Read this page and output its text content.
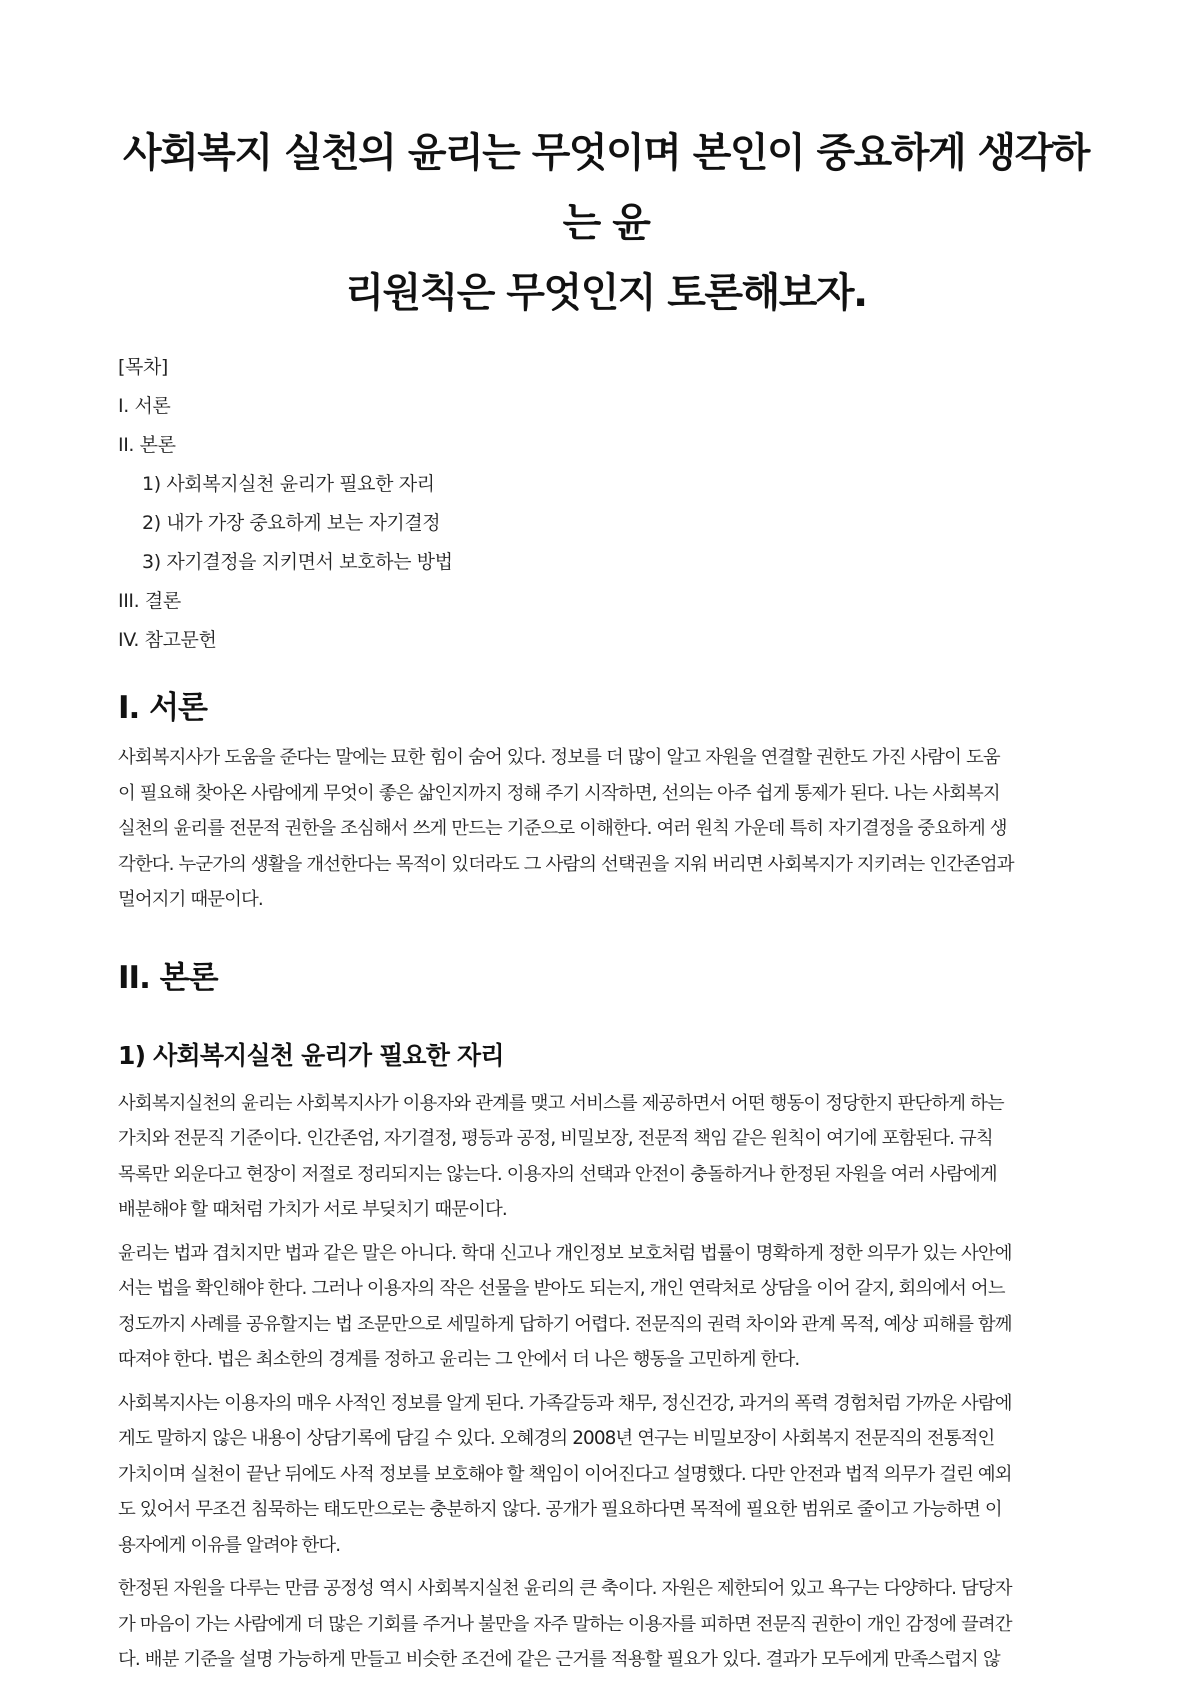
사회복지 실천의 윤리는 무엇이며 본인이 중요하게 생각하는 윤
리원칙은 무엇인지 토론해보자.
[목차]
I. 서론
II. 본론
1) 사회복지실천 윤리가 필요한 자리
2) 내가 가장 중요하게 보는 자기결정
3) 자기결정을 지키면서 보호하는 방법
III. 결론
IV. 참고문헌
I. 서론

사회복지사가 도움을 준다는 말에는 묘한 힘이 숨어 있다. 정보를 더 많이 알고 자원을 연결할 권한도 가진 사람이 도움
이 필요해 찾아온 사람에게 무엇이 좋은 삶인지까지 정해 주기 시작하면, 선의는 아주 쉽게 통제가 된다. 나는 사회복지
실천의 윤리를 전문적 권한을 조심해서 쓰게 만드는 기준으로 이해한다. 여러 원칙 가운데 특히 자기결정을 중요하게 생
각한다. 누군가의 생활을 개선한다는 목적이 있더라도 그 사람의 선택권을 지워 버리면 사회복지가 지키려는 인간존엄과
멀어지기 때문이다.

II. 본론
1) 사회복지실천 윤리가 필요한 자리

사회복지실천의 윤리는 사회복지사가 이용자와 관계를 맺고 서비스를 제공하면서 어떤 행동이 정당한지 판단하게 하는
가치와 전문직 기준이다. 인간존엄, 자기결정, 평등과 공정, 비밀보장, 전문적 책임 같은 원칙이 여기에 포함된다. 규칙
목록만 외운다고 현장이 저절로 정리되지는 않는다. 이용자의 선택과 안전이 충돌하거나 한정된 자원을 여러 사람에게
배분해야 할 때처럼 가치가 서로 부딪치기 때문이다.

윤리는 법과 겹치지만 법과 같은 말은 아니다. 학대 신고나 개인정보 보호처럼 법률이 명확하게 정한 의무가 있는 사안에
서는 법을 확인해야 한다. 그러나 이용자의 작은 선물을 받아도 되는지, 개인 연락처로 상담을 이어 갈지, 회의에서 어느
정도까지 사례를 공유할지는 법 조문만으로 세밀하게 답하기 어렵다. 전문직의 권력 차이와 관계 목적, 예상 피해를 함께
따져야 한다. 법은 최소한의 경계를 정하고 윤리는 그 안에서 더 나은 행동을 고민하게 한다.

사회복지사는 이용자의 매우 사적인 정보를 알게 된다. 가족갈등과 채무, 정신건강, 과거의 폭력 경험처럼 가까운 사람에
게도 말하지 않은 내용이 상담기록에 담길 수 있다. 오혜경의 2008년 연구는 비밀보장이 사회복지 전문직의 전통적인
가치이며 실천이 끝난 뒤에도 사적 정보를 보호해야 할 책임이 이어진다고 설명했다. 다만 안전과 법적 의무가 걸린 예외
도 있어서 무조건 침묵하는 태도만으로는 충분하지 않다. 공개가 필요하다면 목적에 필요한 범위로 줄이고 가능하면 이
용자에게 이유를 알려야 한다.

한정된 자원을 다루는 만큼 공정성 역시 사회복지실천 윤리의 큰 축이다. 자원은 제한되어 있고 욕구는 다양하다. 담당자
가 마음이 가는 사람에게 더 많은 기회를 주거나 불만을 자주 말하는 이용자를 피하면 전문직 권한이 개인 감정에 끌려간
다. 배분 기준을 설명 가능하게 만들고 비슷한 조건에 같은 근거를 적용할 필요가 있다. 결과가 모두에게 만족스럽지 않
